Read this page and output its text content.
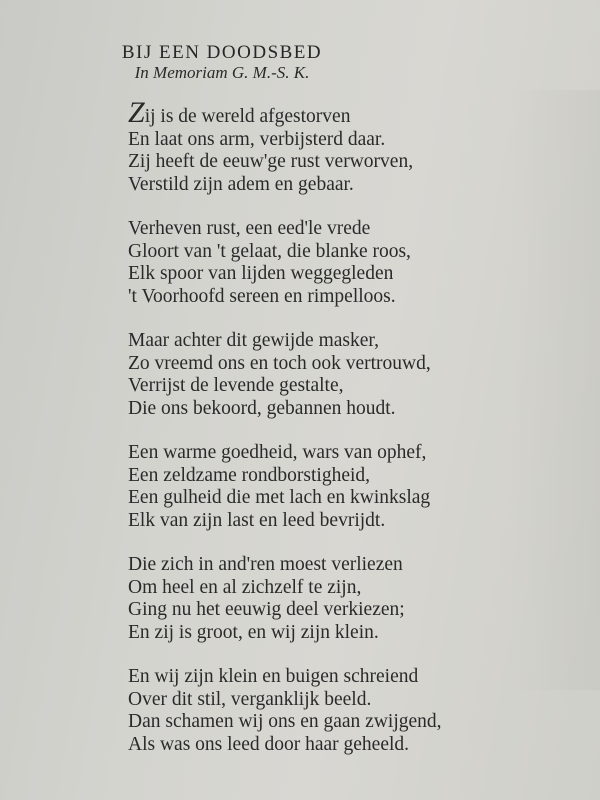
BIJ EEN DOODSBED
In Memoriam G. M.-S. K.
Zij is de wereld afgestorven
En laat ons arm, verbijsterd daar.
Zij heeft de eeuw'ge rust verworven,
Verstild zijn adem en gebaar.
Verheven rust, een eed'le vrede
Gloort van 't gelaat, die blanke roos,
Elk spoor van lijden weggegleden
't Voorhoofd sereen en rimpelloos.
Maar achter dit gewijde masker,
Zo vreemd ons en toch ook vertrouwd,
Verrijst de levende gestalte,
Die ons bekoord, gebannen houdt.
Een warme goedheid, wars van ophef,
Een zeldzame rondborstigheid,
Een gulheid die met lach en kwinkslag
Elk van zijn last en leed bevrijdt.
Die zich in and'ren moest verliezen
Om heel en al zichzelf te zijn,
Ging nu het eeuwig deel verkiezen;
En zij is groot, en wij zijn klein.
En wij zijn klein en buigen schreiend
Over dit stil, verganklijk beeld.
Dan schamen wij ons en gaan zwijgend,
Als was ons leed door haar geheeld.
